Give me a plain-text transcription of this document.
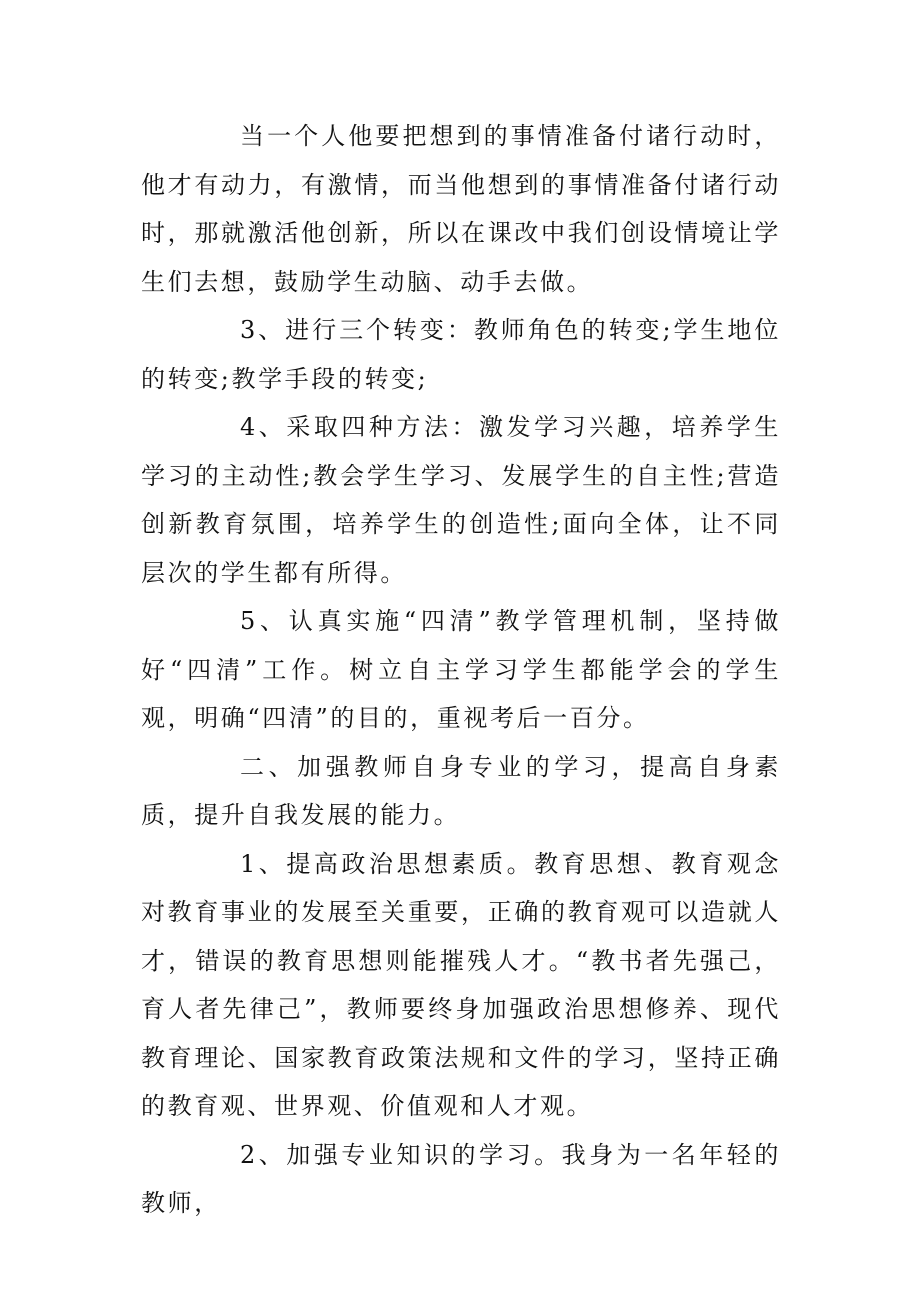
当一个人他要把想到的事情准备付诸行动时，他才有动力，有激情，而当他想到的事情准备付诸行动时，那就激活他创新，所以在课改中我们创设情境让学生们去想，鼓励学生动脑、动手去做。

3、进行三个转变：教师角色的转变;学生地位的转变;教学手段的转变;

4、采取四种方法：激发学习兴趣，培养学生学习的主动性;教会学生学习、发展学生的自主性;营造创新教育氛围，培养学生的创造性;面向全体，让不同层次的学生都有所得。

5、认真实施“四清”教学管理机制，坚持做好“四清”工作。树立自主学习学生都能学会的学生观，明确“四清”的目的，重视考后一百分。

二、加强教师自身专业的学习，提高自身素质，提升自我发展的能力。

1、提高政治思想素质。教育思想、教育观念对教育事业的发展至关重要，正确的教育观可以造就人才，错误的教育思想则能摧残人才。“教书者先强己，育人者先律己”，教师要终身加强政治思想修养、现代教育理论、国家教育政策法规和文件的学习，坚持正确的教育观、世界观、价值观和人才观。

2、加强专业知识的学习。我身为一名年轻的教师，
